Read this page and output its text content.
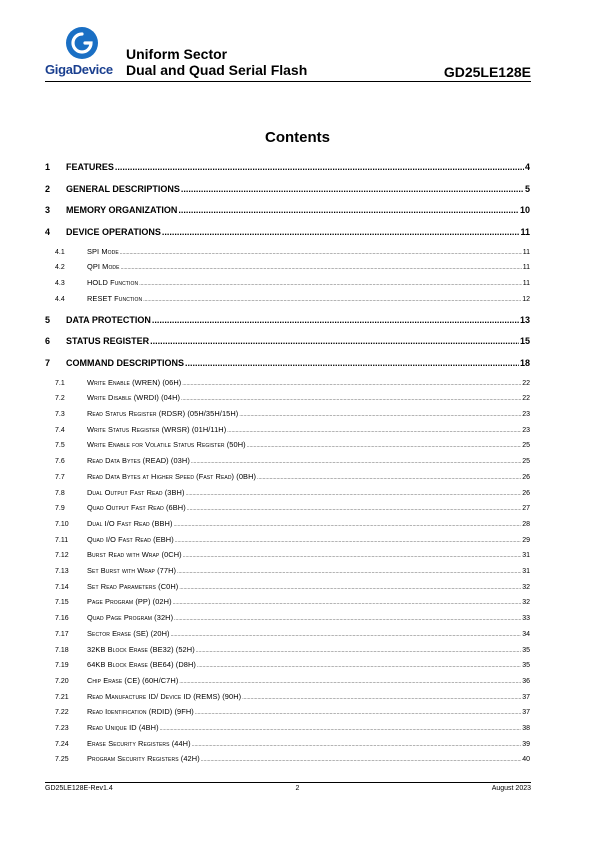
GigaDevice
Uniform Sector
Dual and Quad Serial Flash	GD25LE128E
Contents
1	FEATURES .....	4
2	GENERAL DESCRIPTIONS .....	5
3	MEMORY ORGANIZATION .....	10
4	DEVICE OPERATIONS .....	11
4.1	SPI Mode .....	11
4.2	QPI Mode .....	11
4.3	HOLD Function .....	11
4.4	RESET Function .....	12
5	DATA PROTECTION .....	13
6	STATUS REGISTER .....	15
7	COMMAND DESCRIPTIONS .....	18
7.1	Write Enable (WREN) (06H) .....	22
7.2	Write Disable (WRDI) (04H) .....	22
7.3	Read Status Register (RDSR) (05H/35H/15H) .....	23
7.4	Write Status Register (WRSR) (01H/11H) .....	23
7.5	Write Enable for Volatile Status Register (50H) .....	25
7.6	Read Data Bytes (READ) (03H) .....	25
7.7	Read Data Bytes at Higher Speed (Fast Read) (0BH) .....	26
7.8	Dual Output Fast Read (3BH) .....	26
7.9	Quad Output Fast Read (6BH) .....	27
7.10	Dual I/O Fast Read (BBH) .....	28
7.11	Quad I/O Fast Read (EBH) .....	29
7.12	Burst Read with Wrap (0CH) .....	31
7.13	Set Burst with Wrap (77H) .....	31
7.14	Set Read Parameters (C0H) .....	32
7.15	Page Program (PP) (02H) .....	32
7.16	Quad Page Program (32H) .....	33
7.17	Sector Erase (SE) (20H) .....	34
7.18	32KB Block Erase (BE32) (52H) .....	35
7.19	64KB Block Erase (BE64) (D8H) .....	35
7.20	Chip Erase (CE) (60H/C7H) .....	36
7.21	Read Manufacture ID/ Device ID (REMS) (90H) .....	37
7.22	Read Identification (RDID) (9FH) .....	37
7.23	Read Unique ID (4BH) .....	38
7.24	Erase Security Registers (44H) .....	39
7.25	Program Security Registers (42H) .....	40
GD25LE128E-Rev1.4	2	August 2023
